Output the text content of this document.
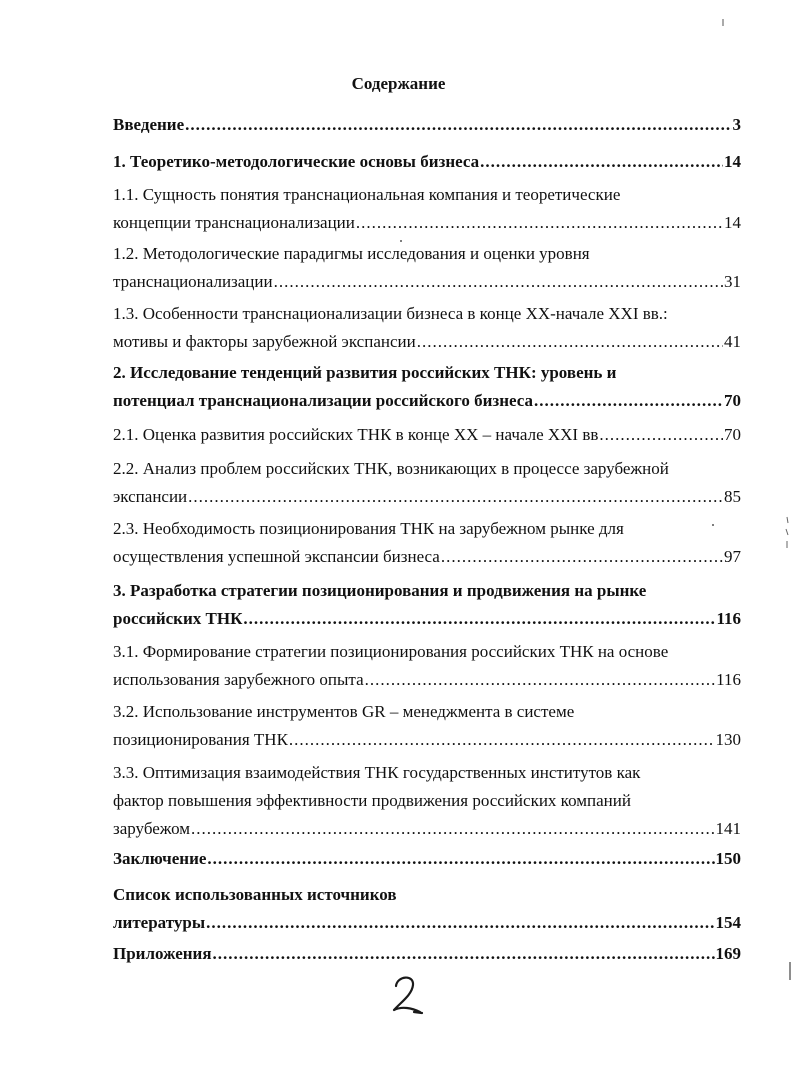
Содержание
Введение .....	3
1. Теоретико-методологические основы бизнеса .....	14
1.1. Сущность понятия транснациональная компания и теоретические
концепции транснационализации .....	14
1.2. Методологические парадигмы исследования и оценки уровня
транснационализации .....	31
1.3. Особенности транснационализации бизнеса в конце XX-начале XXI вв.:
мотивы и факторы зарубежной экспансии .....	41
2. Исследование тенденций развития российских ТНК: уровень и
потенциал транснационализации российского бизнеса .....	70
2.1. Оценка развития российских ТНК в конце XX – начале XXI вв .....	70
2.2. Анализ проблем российских ТНК, возникающих в процессе зарубежной
экспансии .....	85
2.3. Необходимость позиционирования ТНК на зарубежном рынке для
осуществления успешной экспансии бизнеса .....	97
3. Разработка стратегии позиционирования и продвижения на рынке
российских ТНК .....	116
3.1. Формирование стратегии позиционирования российских ТНК на основе
использования зарубежного опыта .....	116
3.2. Использование инструментов GR – менеджмента в системе
позиционирования ТНК .....	130
3.3. Оптимизация взаимодействия ТНК государственных институтов как
фактор повышения эффективности продвижения российских компаний
зарубежом .....	141
Заключение .....	150
Список использованных источников
литературы .....	154
Приложения .....	169
